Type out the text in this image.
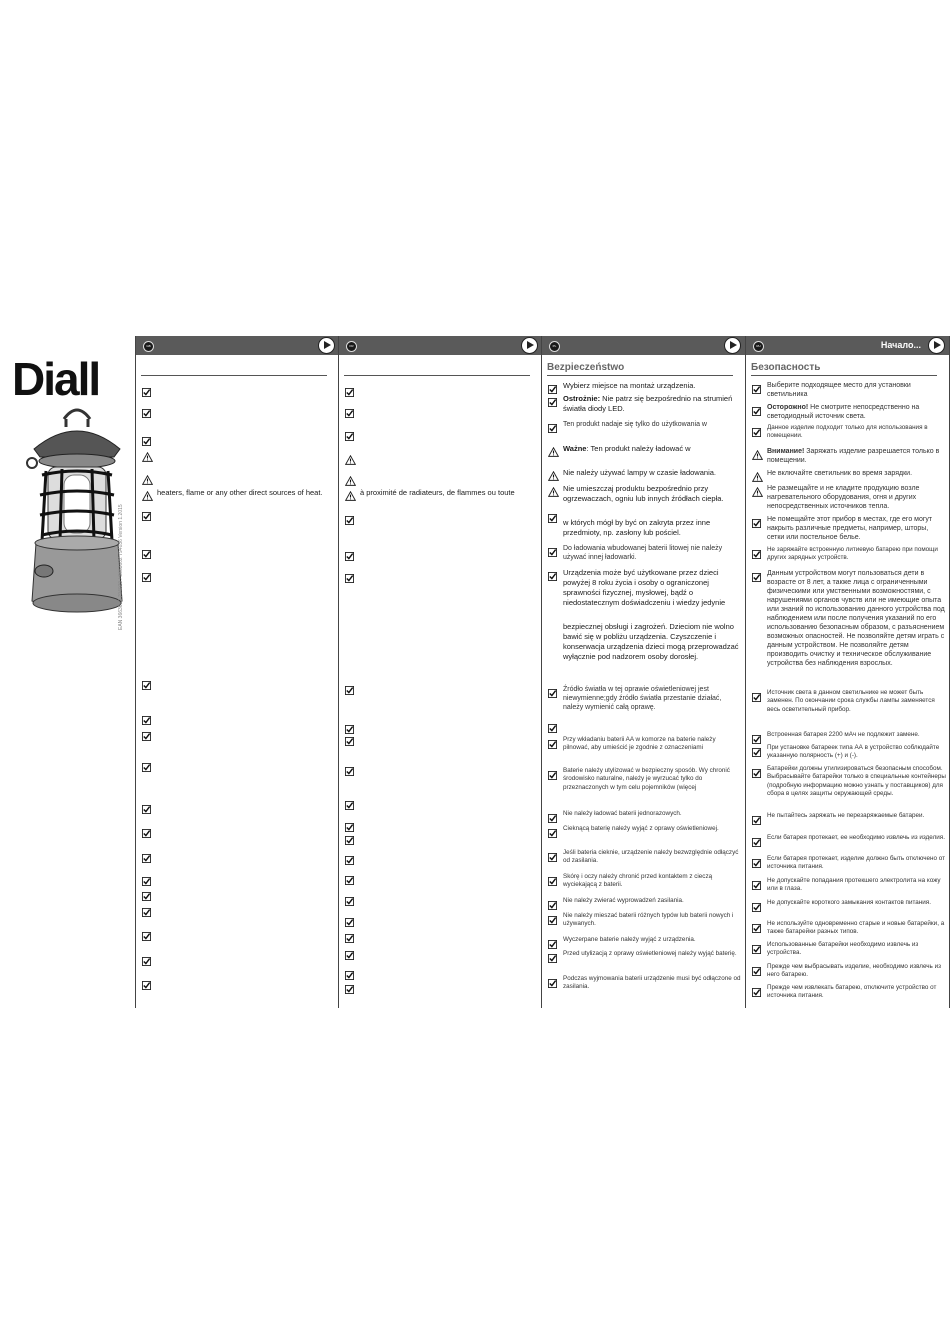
Diall
EAN 3663602 794029 / 3663602 794036 Version 1.2015
GB
heaters, flame or any other direct sources of heat.
FR
à proximité de radiateurs, de flammes ou toute
PL
Bezpieczeństwo
Wybierz miejsce na montaż urządzenia.
Ostrożnie: Nie patrz się bezpośrednio na strumień światła diody LED.
Ten produkt nadaje się tylko do użytkowania w
Ważne: Ten produkt należy ładować w
Nie należy używać lampy w czasie ładowania.
Nie umieszczaj produktu bezpośrednio przy ogrzewaczach, ogniu lub innych źródłach ciepła.
w których mógł by być on zakryta przez inne przedmioty, np. zasłony lub pościel.
Do ładowania wbudowanej baterii litowej nie należy używać innej ładowarki.
Urządzenia może być użytkowane przez dzieci powyżej 8 roku życia i osoby o ograniczonej sprawności fizycznej, mysłowej, bądź o niedostatecznym doświadczeniu i wiedzy jedynie
bezpiecznej obsługi i zagrożeń. Dzieciom nie wolno bawić się w pobliżu urządzenia. Czyszczenie i konserwacja urządzenia dzieci mogą przeprowadzać wyłącznie pod nadzorem osoby dorosłej.
Źródło światła w tej oprawie oświetleniowej jest niewymienne;gdy źródło światła przestanie działać, należy wymienić całą oprawę.
Przy wkładaniu baterii AA w komorze na baterie należy pilnować, aby umieścić je zgodnie z oznaczeniami
Baterie należy utylizować w bezpieczny sposób. Wy chronić środowisko naturalne, należy je wyrzucać tylko do przeznaczonych w tym celu pojemników (więcej
Nie należy ładować baterii jednorazowych.
Cieknącą baterię należy wyjąć z oprawy oświetleniowej.
Jeśli bateria cieknie, urządzenie należy bezwzględnie odłączyć od zasilania.
Skórę i oczy należy chronić przed kontaktem z cieczą wyciekającą z baterii.
Nie należy zwierać wyprowadzeń zasilania.
Nie należy mieszać baterii różnych typów lub baterii nowych i używanych.
Wyczerpane baterie należy wyjąć z urządzenia.
Przed utylizacją z oprawy oświetleniowej należy wyjąć baterię.
Podczas wyjmowania baterii urządzenie musi być odłączone od zasilania.
RU	Начало...
Безопасность
Выберите подходящее место для установки светильника
Осторожно! Не смотрите непосредственно на светодиодный источник света.
Данное изделие подходит только для использования в помещении.
Внимание! Заряжать изделие разрешается только в помещении.
Не включайте светильник во время зарядки.
Не размещайте и не кладите продукцию возле нагревательного оборудования, огня и других непосредственных источников тепла.
Не помещайте этот прибор в местах, где его могут накрыть различные предметы, например, шторы, сетки или постельное белье.
Не заряжайте встроенную литиевую батарею при помощи других зарядных устройств.
Данным устройством могут пользоваться дети в возрасте от 8 лет, а также лица с ограниченными физическими или умственными возможностями, с нарушениями органов чувств или не имеющие опыта или знаний по использованию данного устройства под наблюдением или после получения указаний по его использованию безопасным образом, с разъяснением возможных опасностей. Не позволяйте детям играть с данным устройством. Не позволяйте детям производить очистку и техническое обслуживание устройства без наблюдения взрослых.
Источник света в данном светильнике не может быть заменен. По окончании срока службы лампы заменяется весь осветительный прибор.
Встроенная батарея 2200 мАч не подлежит замене.
При установке батареек типа АА в устройство соблюдайте указанную полярность (+) и (-).
Батарейки должны утилизироваться безопасным способом. Выбрасывайте батарейки только в специальные контейнеры (подробную информацию можно узнать у поставщиков) для сбора в целях защиты окружающей среды.
Не пытайтесь заряжать не перезаряжаемые батареи.
Если батарея протекает, ее необходимо извлечь из изделия.
Если батарея протекает, изделие должно быть отключено от источника питания.
Не допускайте попадания протекшего электролита на кожу или в глаза.
Не допускайте короткого замыкания контактов питания.
Не используйте одновременно старые и новые батарейки, а также батарейки разных типов.
Использованные батарейки необходимо извлечь из устройства.
Прежде чем выбрасывать изделие, необходимо извлечь из него батарею.
Прежде чем извлекать батарею, отключите устройство от источника питания.
